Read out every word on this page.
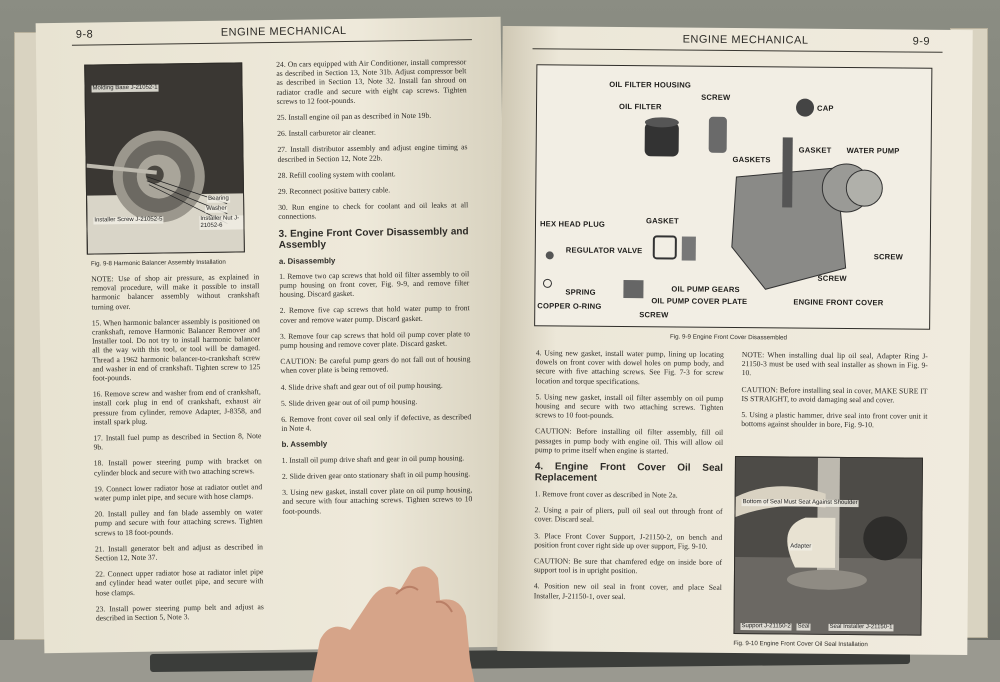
9-8	ENGINE MECHANICAL
Molding Base J-21052-1
Bearing
Washer
Installer Nut J-21052-6
Installer Screw J-21052-5
Fig. 9-8 Harmonic Balancer Assembly Installation

NOTE: Use of shop air pressure, as explained in removal procedure, will make it possible to install harmonic balancer assembly without crankshaft turning over.

15. When harmonic balancer assembly is positioned on crankshaft, remove Harmonic Balancer Remover and Installer tool. Do not try to install harmonic balancer all the way with this tool, or tool will be damaged. Thread a 1962 harmonic balancer-to-crankshaft screw and washer in end of crankshaft. Tighten screw to 125 foot-pounds.

16. Remove screw and washer from end of crankshaft, install cork plug in end of crankshaft, exhaust air pressure from cylinder, remove Adapter, J-8358, and install spark plug.

17. Install fuel pump as described in Section 8, Note 9b.

18. Install power steering pump with bracket on cylinder block and secure with two attaching screws.

19. Connect lower radiator hose at radiator outlet and water pump inlet pipe, and secure with hose clamps.

20. Install pulley and fan blade assembly on water pump and secure with four attaching screws. Tighten screws to 18 foot-pounds.

21. Install generator belt and adjust as described in Section 12, Note 37.

22. Connect upper radiator hose at radiator inlet pipe and cylinder head water outlet pipe, and secure with hose clamps.

23. Install power steering pump belt and adjust as described in Section 5, Note 3.

24. On cars equipped with Air Conditioner, install compressor as described in Section 13, Note 31b. Adjust compressor belt as described in Section 13, Note 32. Install fan shroud on radiator cradle and secure with eight cap screws. Tighten screws to 12 foot-pounds.

25. Install engine oil pan as described in Note 19b.

26. Install carburetor air cleaner.

27. Install distributor assembly and adjust engine timing as described in Section 12, Note 22b.

28. Refill cooling system with coolant.

29. Reconnect positive battery cable.

30. Run engine to check for coolant and oil leaks at all connections.

3. Engine Front Cover Disassembly and Assembly
a. Disassembly

1. Remove two cap screws that hold oil filter assembly to oil pump housing on front cover, Fig. 9-9, and remove filter housing. Discard gasket.

2. Remove five cap screws that hold water pump to front cover and remove water pump. Discard gasket.

3. Remove four cap screws that hold oil pump cover plate to pump housing and remove cover plate. Discard gasket.

CAUTION: Be careful pump gears do not fall out of housing when cover plate is being removed.

4. Slide drive shaft and gear out of oil pump housing.

5. Slide driven gear out of oil pump housing.

6. Remove front cover oil seal only if defective, as described in Note 4.

b. Assembly

1. Install oil pump drive shaft and gear in oil pump housing.

2. Slide driven gear onto stationary shaft in oil pump housing.

3. Using new gasket, install cover plate on oil pump housing, and secure with four attaching screws. Tighten screws to 10 foot-pounds.

ENGINE MECHANICAL	9-9
OIL FILTER HOUSING
SCREW
CAP
OIL FILTER
GASKETS
GASKET WATER PUMP
HEX HEAD PLUG	GASKET
REGULATOR VALVE
SCREW
SCREW
OIL PUMP GEARS
SPRING
OIL PUMP COVER PLATE	ENGINE FRONT COVER
COPPER O-RING
SCREW
Fig. 9-9 Engine Front Cover Disassembled

4. Using new gasket, install water pump, lining up locating dowels on front cover with dowel holes on pump body, and secure with five attaching screws. See Fig. 7-3 for screw location and torque specifications.

5. Using new gasket, install oil filter assembly on oil pump housing and secure with two attaching screws. Tighten screws to 10 foot-pounds.

CAUTION: Before installing oil filter assembly, fill oil passages in pump body with engine oil. This will allow oil pump to prime itself when engine is started.

4. Engine Front Cover Oil Seal Replacement

1. Remove front cover as described in Note 2a.

2. Using a pair of pliers, pull oil seal out through front of cover. Discard seal.

3. Place Front Cover Support, J-21150-2, on bench and position front cover right side up over support, Fig. 9-10.

CAUTION: Be sure that chamfered edge on inside bore of support tool is in upright position.

4. Position new oil seal in front cover, and place Seal Installer, J-21150-1, over seal.

NOTE: When installing dual lip oil seal, Adapter Ring J-21150-3 must be used with seal installer as shown in Fig. 9-10.

CAUTION: Before installing seal in cover, MAKE SURE IT IS STRAIGHT, to avoid damaging seal and cover.

5. Using a plastic hammer, drive seal into front cover unit it bottoms against shoulder in bore, Fig. 9-10.

Bottom of Seal Must Seat Against Shoulder
Adapter
Support J-21150-2 Seal	Seal Installer J-21150-1
Fig. 9-10 Engine Front Cover Oil Seal Installation
